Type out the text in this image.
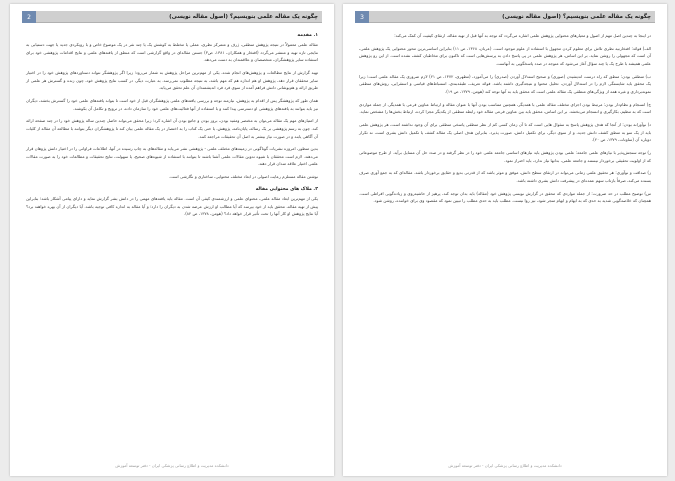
چگونه یک مقاله علمی بنویسیم؟ (اصول مقاله نویسی)
2
۱. مقدمه

مقاله علمی معمولاً در نتیجه پژوهش منطقی، ژرف و متمرکز نظری، عملی یا مختلط به کوشش یک یا چند نفر در یک موضوع خاص و با رویکردی جدید یا جهت دستیابی به نتایجی تازه تهیه و منتشر می‌گردد (افتخار و همکاران، ۱۳۸۱، ص۳) جستن مقاله‌ای در واقع گزارشی است که منطق از یافته‌های علمی و نتایج اقدامات پژوهشی خود برای استفاده سایر پژوهشگران، متخصصان و علاقمندان به دست می‌دهد.

تهیه گزارش از نتایج مطالعات و پژوهش‌های انجام شده، یکی از مهم‌ترین مراحل پژوهش به شمار می‌رود؛ زیرا اگر پژوهشگر نتواند دستاوردهای پژوهش خود را در اختیار سایر محققان قرار دهد، پژوهش او هم اندازه هم که مهم باشد، به نتیجه مطلوب نمی‌رسد. به عبارت دیگر، در کسب نتایج پژوهش خود، چون زنده و گسترش هر علمی از طریق ارائه و هم‌پوشانی دانش فراهم آمده از سوی فرد فرد اندیشمندان آن علم تحقق می‌یابد.

همان طور که پژوهشگر پس از اقدام به پژوهش، نیازمند توجه و بررسی یافته‌های علمی پژوهشگران قبل از خود است تا بتواند یافته‌های علمی خود را گسترش بخشد، دیگران نیز باید بتوانند به یافته‌های پژوهشی او دسترسی پیدا کنند و با استفاده از آنها فعالیت‌های علمی خود را سازمان داده، در ترویج و تکامل آن بکوشند.

از امتیازهای مهم یک مقاله می‌توان به مختصر ومفید بودن، بروز بودن و جامع بودن آن اشاره کرد؛ زیرا محقق می‌تواند حاصل چندین ساله پژوهش خود را در چند صفحه ارائه کند. چون به رسم پژوهشی بر یک رساله، پایان‌نامه، پژوهش، یا حتی یک کتاب را به اختصار در یک مقاله علمی بیان کند تا پژوهشگران دیگر بتوانند با مطالعه آن مقاله از کلیات آن آگاهی یابند و در صورت نیاز بیشتر به اصل آن تحقیقات مراجعه کنند.

بدین منظور، امروزه نشریات گوناگونی در زمینه‌های مختلف علمی - پژوهشی نشر می‌یابد و مقاله‌های به چاپ رسیده در آنها، اطلاعات فراوانی را در اختیار دانش پژوهان قرار می‌دهند. لازم است محققان با شیوه تدوین مقالات علمی آشنا باشند تا بتوانند با استفاده از شیوه‌های صحیح، یا سهولت، نتایج تحقیقات و مطالعات خود را به صورت مقالات علمی اختیار علاقه مندان قرار دهند.

نوشتن مقاله مستلزم رعایت اصولی در ابعاد مختلف محتوایی، ساختاری و نگارشی است.

۲. ملاک های محتوایی مقاله

یکی از مهم‌ترین ابعاد مقاله علمی، محتوای علمی و ارزشمندی کیفی آن است. مقاله باید یافته‌های مهمی را در دانش بشر گزارش نماید و دارای پیامی آشکار باشد؛ بنابراین پیش از تهیه مقاله، محقق باید از خود بپرسد که آیا مطالب او ارزش عرضه شدن به دیگران را دارد؛ و آیا مقاله به اندازه کافی توجیه باشد. آیا دیگران از آن بهره خواهند برد؟ آیا نتایج پژوهش او کار آنها را تحت تأثیر قرار خواهد داد؟ (هومن، ۱۳۷۸، ص ۸۲).

دانشکده مدیریت و اطلاع رسانی پزشکی ایران - دفتر توسعه آموزش
چگونه یک مقاله علمی بنویسیم؟ (اصول مقاله نویسی)
3

در اینجا به چندین اصل مهم از اصول و معیارهای محتوایی پژوهش علمی اشاره می‌گردد که توجه به آنها قبل از تهیه مقاله، ارتقای کیفیت آن کمک می‌کند:

الف) فوائد: افتخارنیه نظری تلاش برای معلوم کردن مجهول با استفاده از علوم موجود است. (عربان، ۱۳۶۸، ص ۱۱) بنابراین اساسی‌ترین محور محتوایی یک پژوهش علمی، آن است که مجهولی را روشن نماید. بر این اساس، هر پژوهش علمی در پی پاسخ دادن به پرسش‌هایی است که تاکنون برای مخاطبان کشف نشده است. از این رو پژوهش علمی همیشه با طرح یک یا چند سؤال آغاز می‌شود که متوجه در صدد پاسخگویی به آنهاست.

ب) منطقی بودن: منطق که راه درست اندیشیدن (صوری) و صحیح استدلال آوردن (صدری) را می‌آموزد، (مطهری، ۱۳۷۲، ص ۲۱) لازم ضروری یک مقاله علمی است؛ زیرا یک محقق باید شایستگی لازم را در استدلال آوردن، تحلیل محتوا و نتیجه‌گیری داشته باشد. فوائد تعریف، طبقه‌بندی، استنباط‌های قیاسی و استقرایی، روش‌های منطقی نمونه‌برداری و غیره همه از ویژگی‌های منطقی یک مقاله علمی است که محقق باید به آنها توجه کند (هومن، ۱۳۷۹، ص ۱۹).

ج) انسجام و نظام‌دار بودن: مرتبط بودن اجزای مختلف مقاله علمی با همدیگر، همچنین متناسب بودن آنها با عنوان مقاله و ارتباط عناوین فرعی با همدیگر، از جمله مواردی است که به تنظیم، بکارگیری و انسجام می‌بخشد. بر این اساس، محقق باید بین عناوین فرعی مقاله خود رابطه منطقی از یکدیگر مجزا کرده، ارتباط بخش‌ها را مشخص نماید.

د) نوآورانه بودن: از آنجا که هدف پژوهش پاسخ به سئوال هایی است که تا آن زمان کسی کم از نظر منطقی پاسخی منطقی برای آن وجود نداشته است، هر پژوهش علمی باید از یک سو به منطق کشف دانش جدید، و از سوی دیگر، برای تکمیل دانش، صورت پذیرد. بنابراین هدف اصلی یک مقاله کشف یا تکمیل دانش بشری است، نه تکرار دوباره آن (ساوتات، ۱۳۷۹، ص ۲۰).

ر) توجه سنجش‌پذیر با نیازهای علمی جامعه: علمی بودن پژوهش باید نیازهای اساسی جامعه علمی خود را در نظر گرفته و در صدد حل آن مسایل برآید. از طرح موضوعاتی که از اولویت تحقیقی برخوردار نیستند و جامعه علمی، بدانها نیاز ندارد، باید احتراز نمود.

ز) صداقت و نوآوری: هر تحقیق علمی زمانی می‌تواند در ارتقای سطح دانش، موفق و موثر باشد که از قدرتی بدیع و حقایق برخوردار باشد. مقاله‌ای که به جمع آوری صرف بسنده می‌کند، صرفاً بازتاب سهم عمده‌ای در پیشرفت دانش بشری داشته باشد.

س) توضیح مطلب در حد ضرورت: از جمله مواردی که محقق در گزارش نویسی پژوهش خود (مقاله) باید بدان توجه کند، پرهیز از حاشیه‌روی و زیاده‌گویی افراطی است. همچنان که خلاصه‌گویی شدید به حدی که به ابهام و ایهام منجر شود، نیز روا نیست. مطلب باید به حدی مطلب را تبیین نمود که مقصود وی برای خواننده، روشن شود.

دانشکده مدیریت و اطلاع رسانی پزشکی ایران - دفتر توسعه آموزش
